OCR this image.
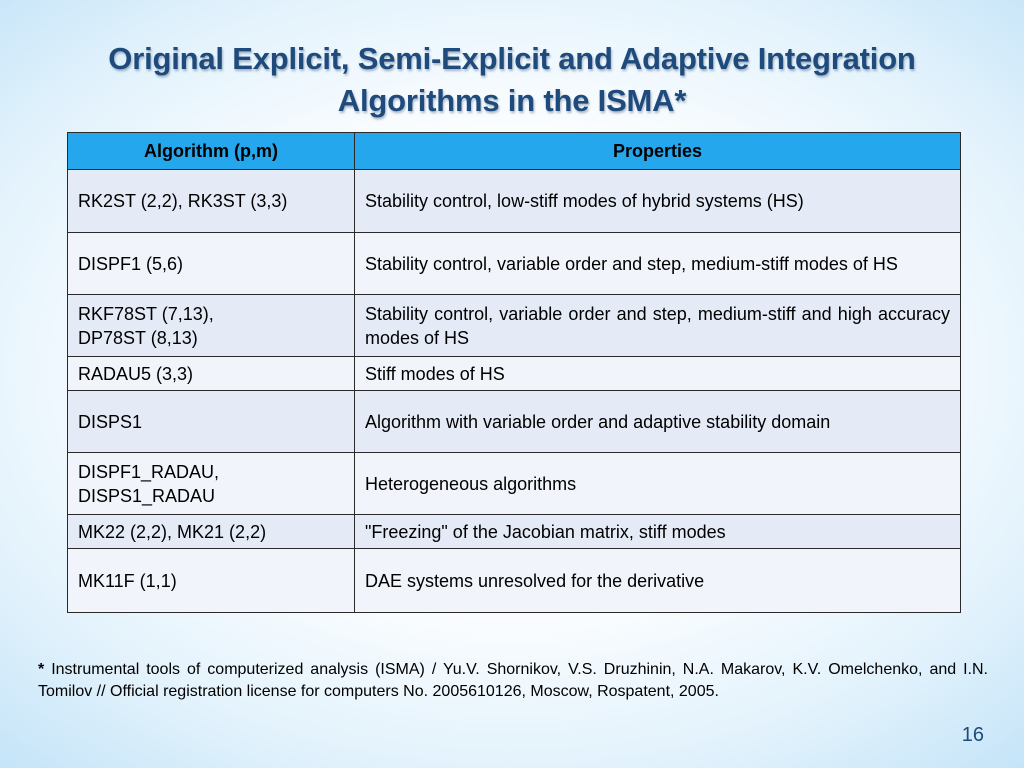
Original Explicit, Semi-Explicit and Adaptive Integration
Algorithms in the ISMA*
Algorithm (p,m)	Properties

RK2ST (2,2), RK3ST (3,3)	Stability control, low-stiff modes of hybrid systems (HS)

DISPF1 (5,6)	Stability control, variable order and step, medium-stiff modes of HS

RKF78ST (7,13),
DP78ST (8,13)	Stability control, variable order and step, medium-stiff and high accuracy modes of HS

RADAU5 (3,3)	Stiff modes of HS

DISPS1	Algorithm with variable order and adaptive stability domain

DISPF1_RADAU,
DISPS1_RADAU	Heterogeneous algorithms

MK22 (2,2), MK21 (2,2)	"Freezing" of the Jacobian matrix, stiff modes

MK11F (1,1)	DAE systems unresolved for the derivative
* Instrumental tools of computerized analysis (ISMA) / Yu.V. Shornikov, V.S. Druzhinin, N.A. Makarov, K.V. Omelchenko, and I.N. Tomilov // Official registration license for computers No. 2005610126, Moscow, Rospatent, 2005.
16
